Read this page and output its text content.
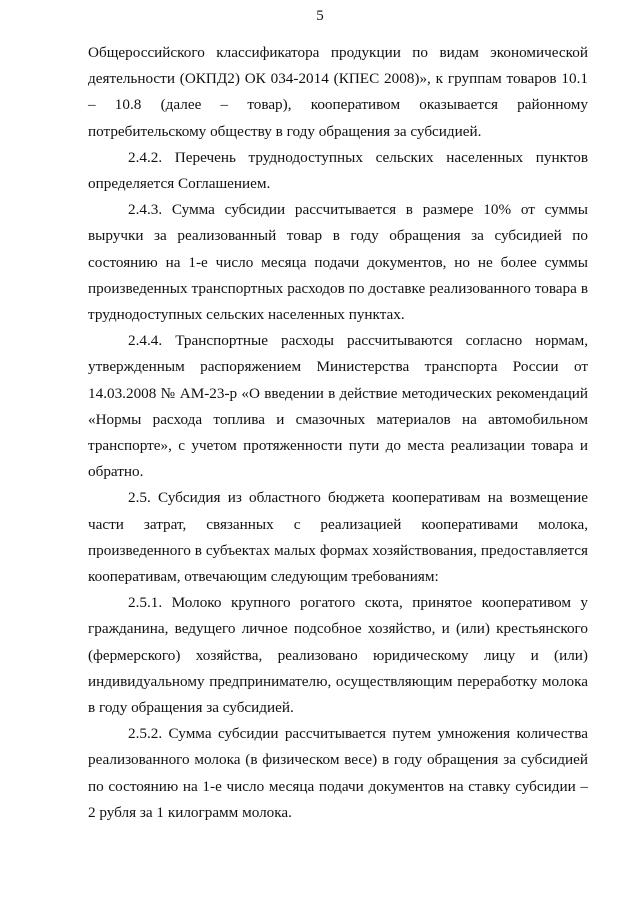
5

Общероссийского классификатора продукции по видам экономической деятельности (ОКПД2) ОК 034-2014 (КПЕС 2008)», к группам товаров 10.1 – 10.8 (далее – товар), кооперативом оказывается районному потребительскому обществу в году обращения за субсидией.

2.4.2. Перечень труднодоступных сельских населенных пунктов определяется Соглашением.

2.4.3. Сумма субсидии рассчитывается в размере 10% от суммы выручки за реализованный товар в году обращения за субсидией по состоянию на 1-е число месяца подачи документов, но не более суммы произведенных транспортных расходов по доставке реализованного товара в труднодоступных сельских населенных пунктах.

2.4.4. Транспортные расходы рассчитываются согласно нормам, утвержденным распоряжением Министерства транспорта России от 14.03.2008 № АМ-23-р «О введении в действие методических рекомендаций «Нормы расхода топлива и смазочных материалов на автомобильном транспорте», с учетом протяженности пути до места реализации товара и обратно.

2.5. Субсидия из областного бюджета кооперативам на возмещение части затрат, связанных с реализацией кооперативами молока, произведенного в субъектах малых формах хозяйствования, предоставляется кооперативам, отвечающим следующим требованиям:

2.5.1. Молоко крупного рогатого скота, принятое кооперативом у гражданина, ведущего личное подсобное хозяйство, и (или) крестьянского (фермерского) хозяйства, реализовано юридическому лицу и (или) индивидуальному предпринимателю, осуществляющим переработку молока в году обращения за субсидией.

2.5.2. Сумма субсидии рассчитывается путем умножения количества реализованного молока (в физическом весе) в году обращения за субсидией по состоянию на 1-е число месяца подачи документов на ставку субсидии – 2 рубля за 1 килограмм молока.
